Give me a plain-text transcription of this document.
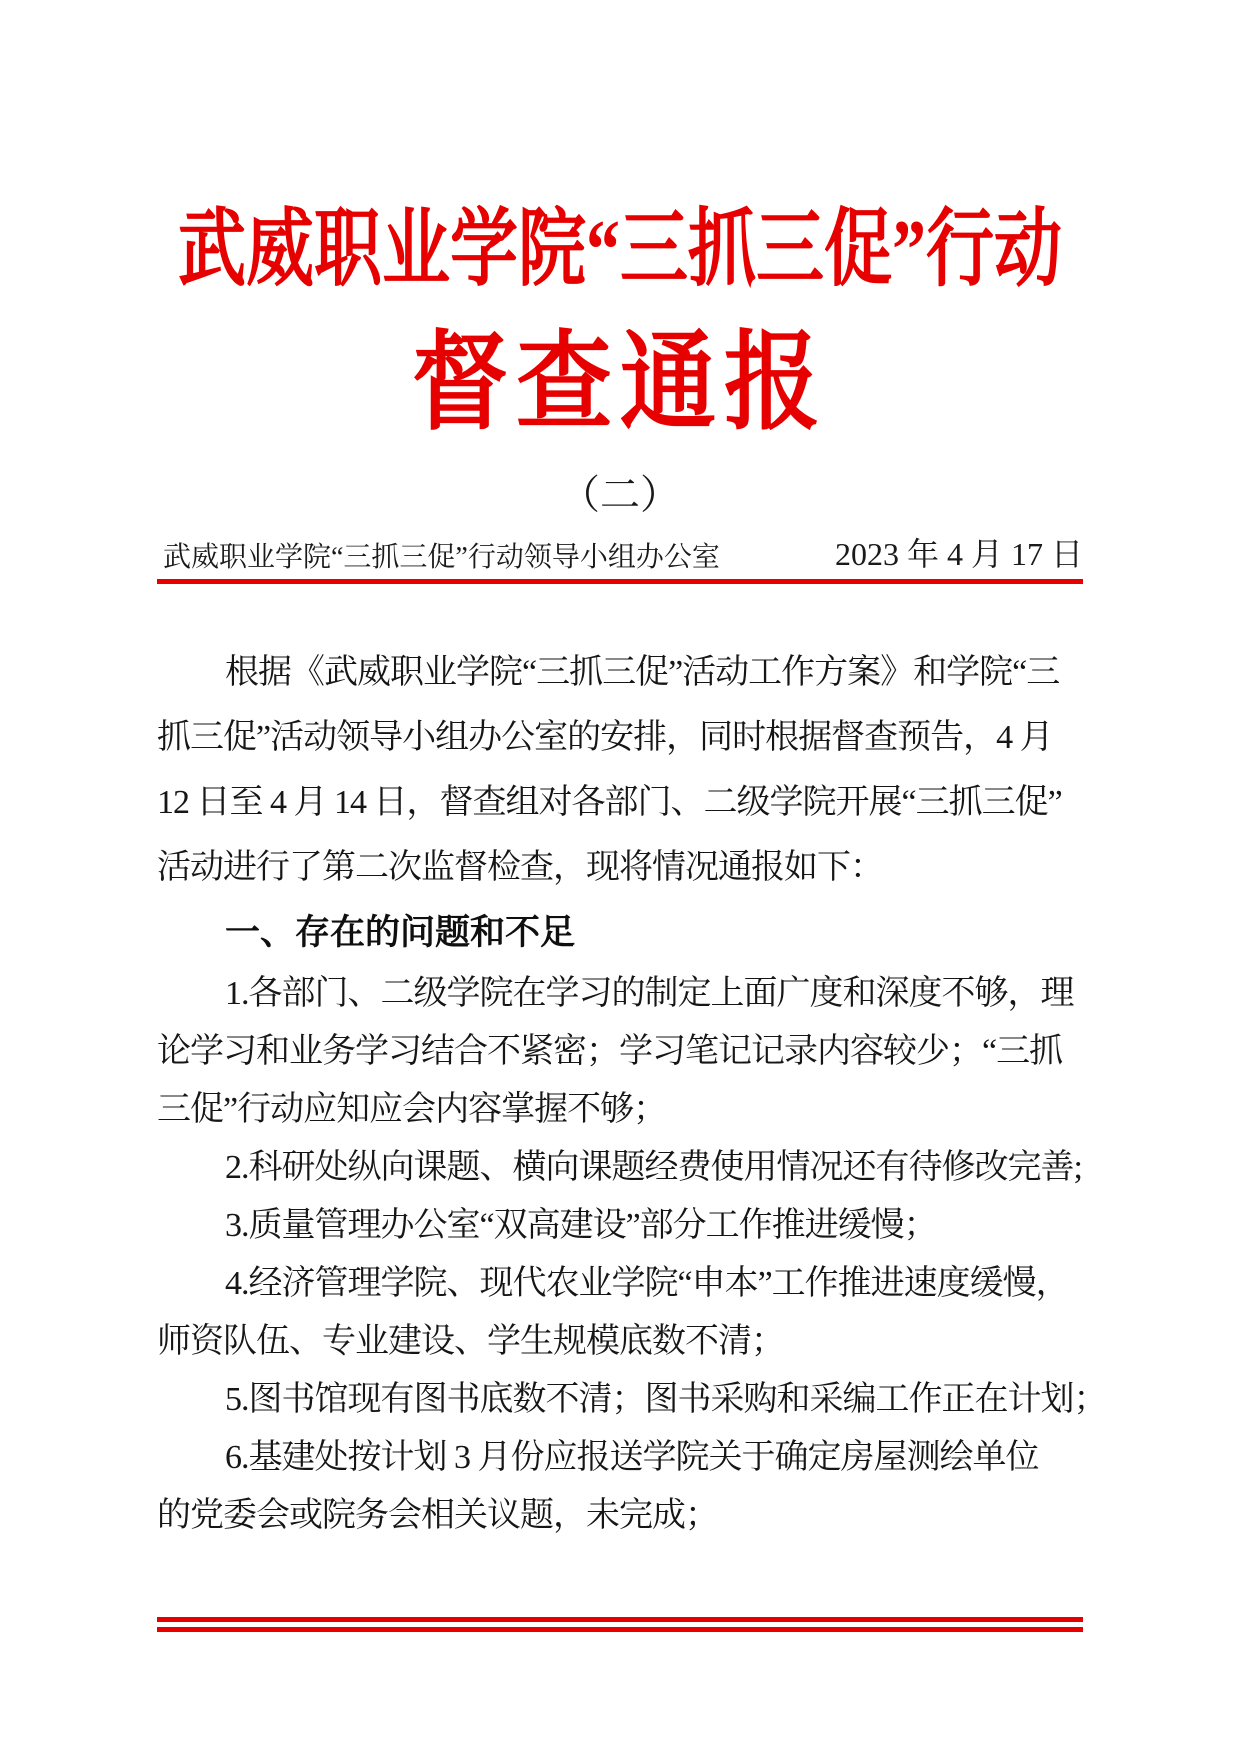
武威职业学院“三抓三促”行动
督查通报
（二）
武威职业学院“三抓三促”行动领导小组办公室	2023 年 4 月 17 日
根据《武威职业学院“三抓三促”活动工作方案》和学院“三
抓三促”活动领导小组办公室的安排，同时根据督查预告，4 月
12 日至 4 月 14 日，督查组对各部门、二级学院开展“三抓三促”
活动进行了第二次监督检查，现将情况通报如下：
一、存在的问题和不足
1.各部门、二级学院在学习的制定上面广度和深度不够，理
论学习和业务学习结合不紧密；学习笔记记录内容较少；“三抓
三促”行动应知应会内容掌握不够；
2.科研处纵向课题、横向课题经费使用情况还有待修改完善;
3.质量管理办公室“双高建设”部分工作推进缓慢；
4.经济管理学院、现代农业学院“申本”工作推进速度缓慢，
师资队伍、专业建设、学生规模底数不清；
5.图书馆现有图书底数不清；图书采购和采编工作正在计划；
6.基建处按计划 3 月份应报送学院关于确定房屋测绘单位
的党委会或院务会相关议题，未完成；
